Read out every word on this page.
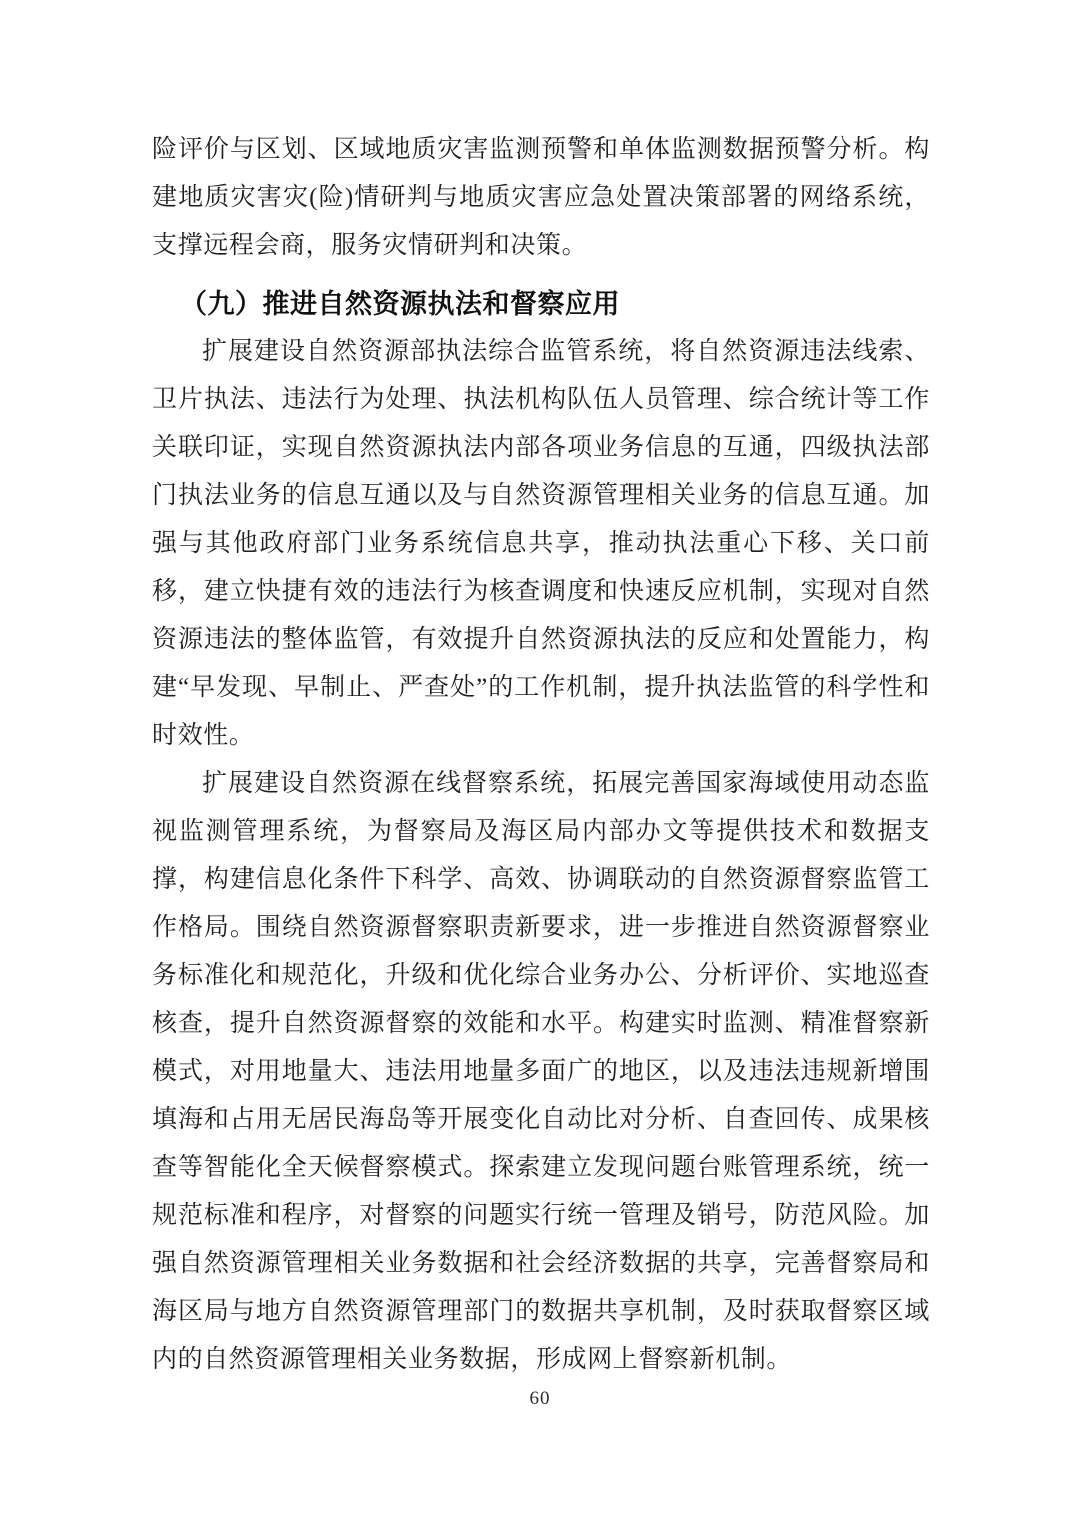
险评价与区划、区域地质灾害监测预警和单体监测数据预警分析。构建地质灾害灾(险)情研判与地质灾害应急处置决策部署的网络系统，支撑远程会商，服务灾情研判和决策。

（九）推进自然资源执法和督察应用

扩展建设自然资源部执法综合监管系统，将自然资源违法线索、卫片执法、违法行为处理、执法机构队伍人员管理、综合统计等工作关联印证，实现自然资源执法内部各项业务信息的互通，四级执法部门执法业务的信息互通以及与自然资源管理相关业务的信息互通。加强与其他政府部门业务系统信息共享，推动执法重心下移、关口前移，建立快捷有效的违法行为核查调度和快速反应机制，实现对自然资源违法的整体监管，有效提升自然资源执法的反应和处置能力，构建“早发现、早制止、严查处”的工作机制，提升执法监管的科学性和时效性。

扩展建设自然资源在线督察系统，拓展完善国家海域使用动态监视监测管理系统，为督察局及海区局内部办文等提供技术和数据支撑，构建信息化条件下科学、高效、协调联动的自然资源督察监管工作格局。围绕自然资源督察职责新要求，进一步推进自然资源督察业务标准化和规范化，升级和优化综合业务办公、分析评价、实地巡查核查，提升自然资源督察的效能和水平。构建实时监测、精准督察新模式，对用地量大、违法用地量多面广的地区，以及违法违规新增围填海和占用无居民海岛等开展变化自动比对分析、自查回传、成果核查等智能化全天候督察模式。探索建立发现问题台账管理系统，统一规范标准和程序，对督察的问题实行统一管理及销号，防范风险。加强自然资源管理相关业务数据和社会经济数据的共享，完善督察局和海区局与地方自然资源管理部门的数据共享机制，及时获取督察区域内的自然资源管理相关业务数据，形成网上督察新机制。

60
